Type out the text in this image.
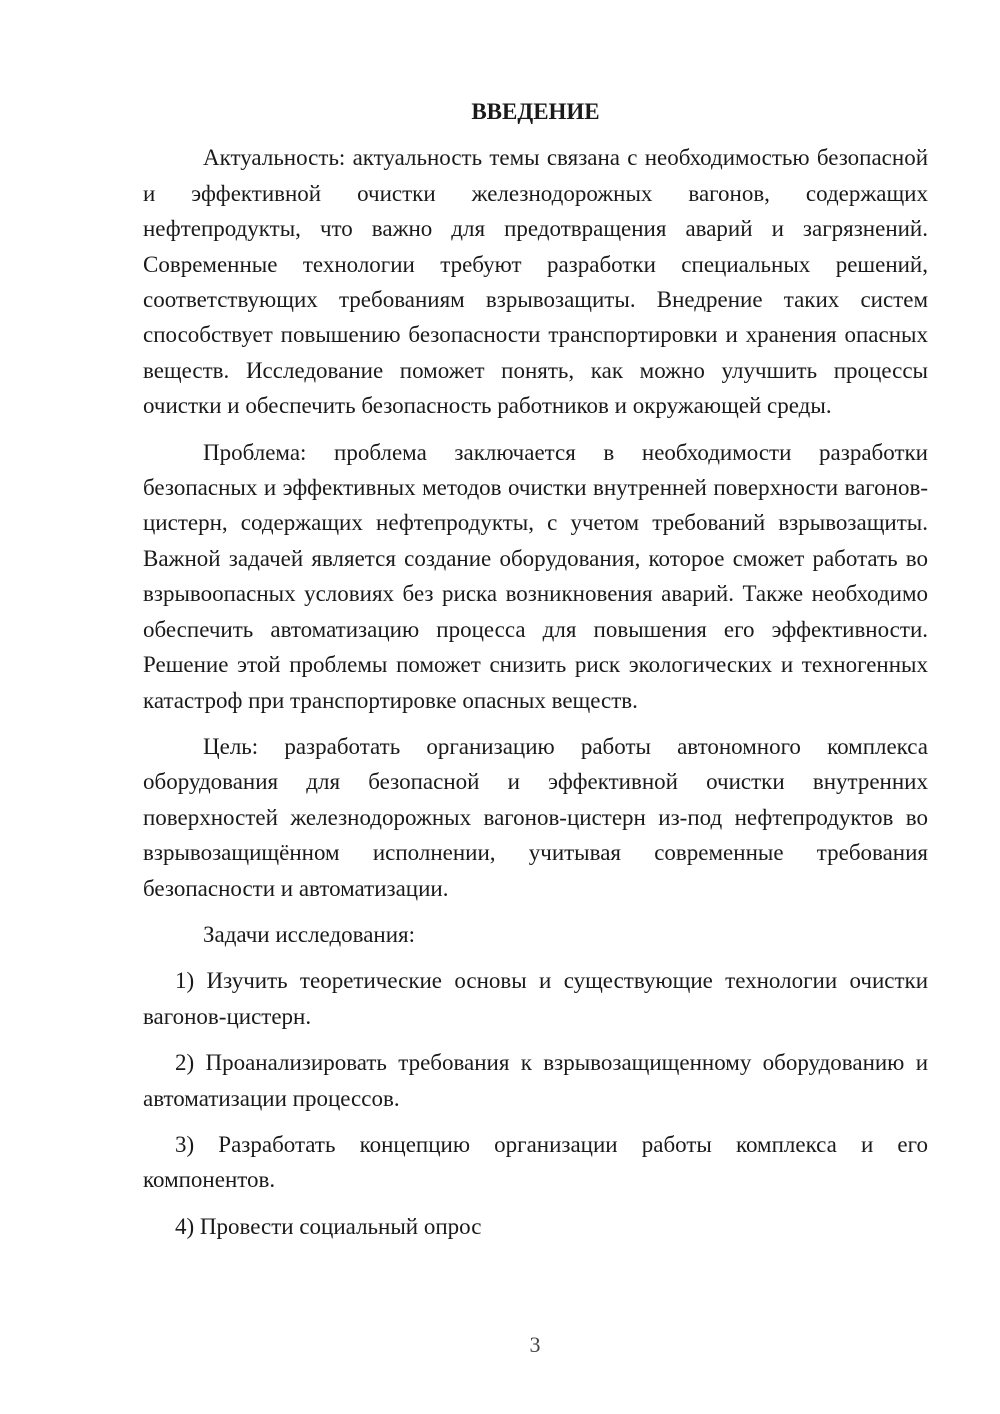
ВВЕДЕНИЕ

Актуальность: актуальность темы связана с необходимостью безопасной и эффективной очистки железнодорожных вагонов, содержащих нефтепродукты, что важно для предотвращения аварий и загрязнений. Современные технологии требуют разработки специальных решений, соответствующих требованиям взрывозащиты. Внедрение таких систем способствует повышению безопасности транспортировки и хранения опасных веществ. Исследование поможет понять, как можно улучшить процессы очистки и обеспечить безопасность работников и окружающей среды.

Проблема: проблема заключается в необходимости разработки безопасных и эффективных методов очистки внутренней поверхности вагонов-цистерн, содержащих нефтепродукты, с учетом требований взрывозащиты. Важной задачей является создание оборудования, которое сможет работать во взрывоопасных условиях без риска возникновения аварий. Также необходимо обеспечить автоматизацию процесса для повышения его эффективности. Решение этой проблемы поможет снизить риск экологических и техногенных катастроф при транспортировке опасных веществ.

Цель: разработать организацию работы автономного комплекса оборудования для безопасной и эффективной очистки внутренних поверхностей железнодорожных вагонов-цистерн из-под нефтепродуктов во взрывозащищённом исполнении, учитывая современные требования безопасности и автоматизации.

Задачи исследования:

1) Изучить теоретические основы и существующие технологии очистки вагонов-цистерн.

2) Проанализировать требования к взрывозащищенному оборудованию и автоматизации процессов.

3) Разработать концепцию организации работы комплекса и его компонентов.

4) Провести социальный опрос

3
